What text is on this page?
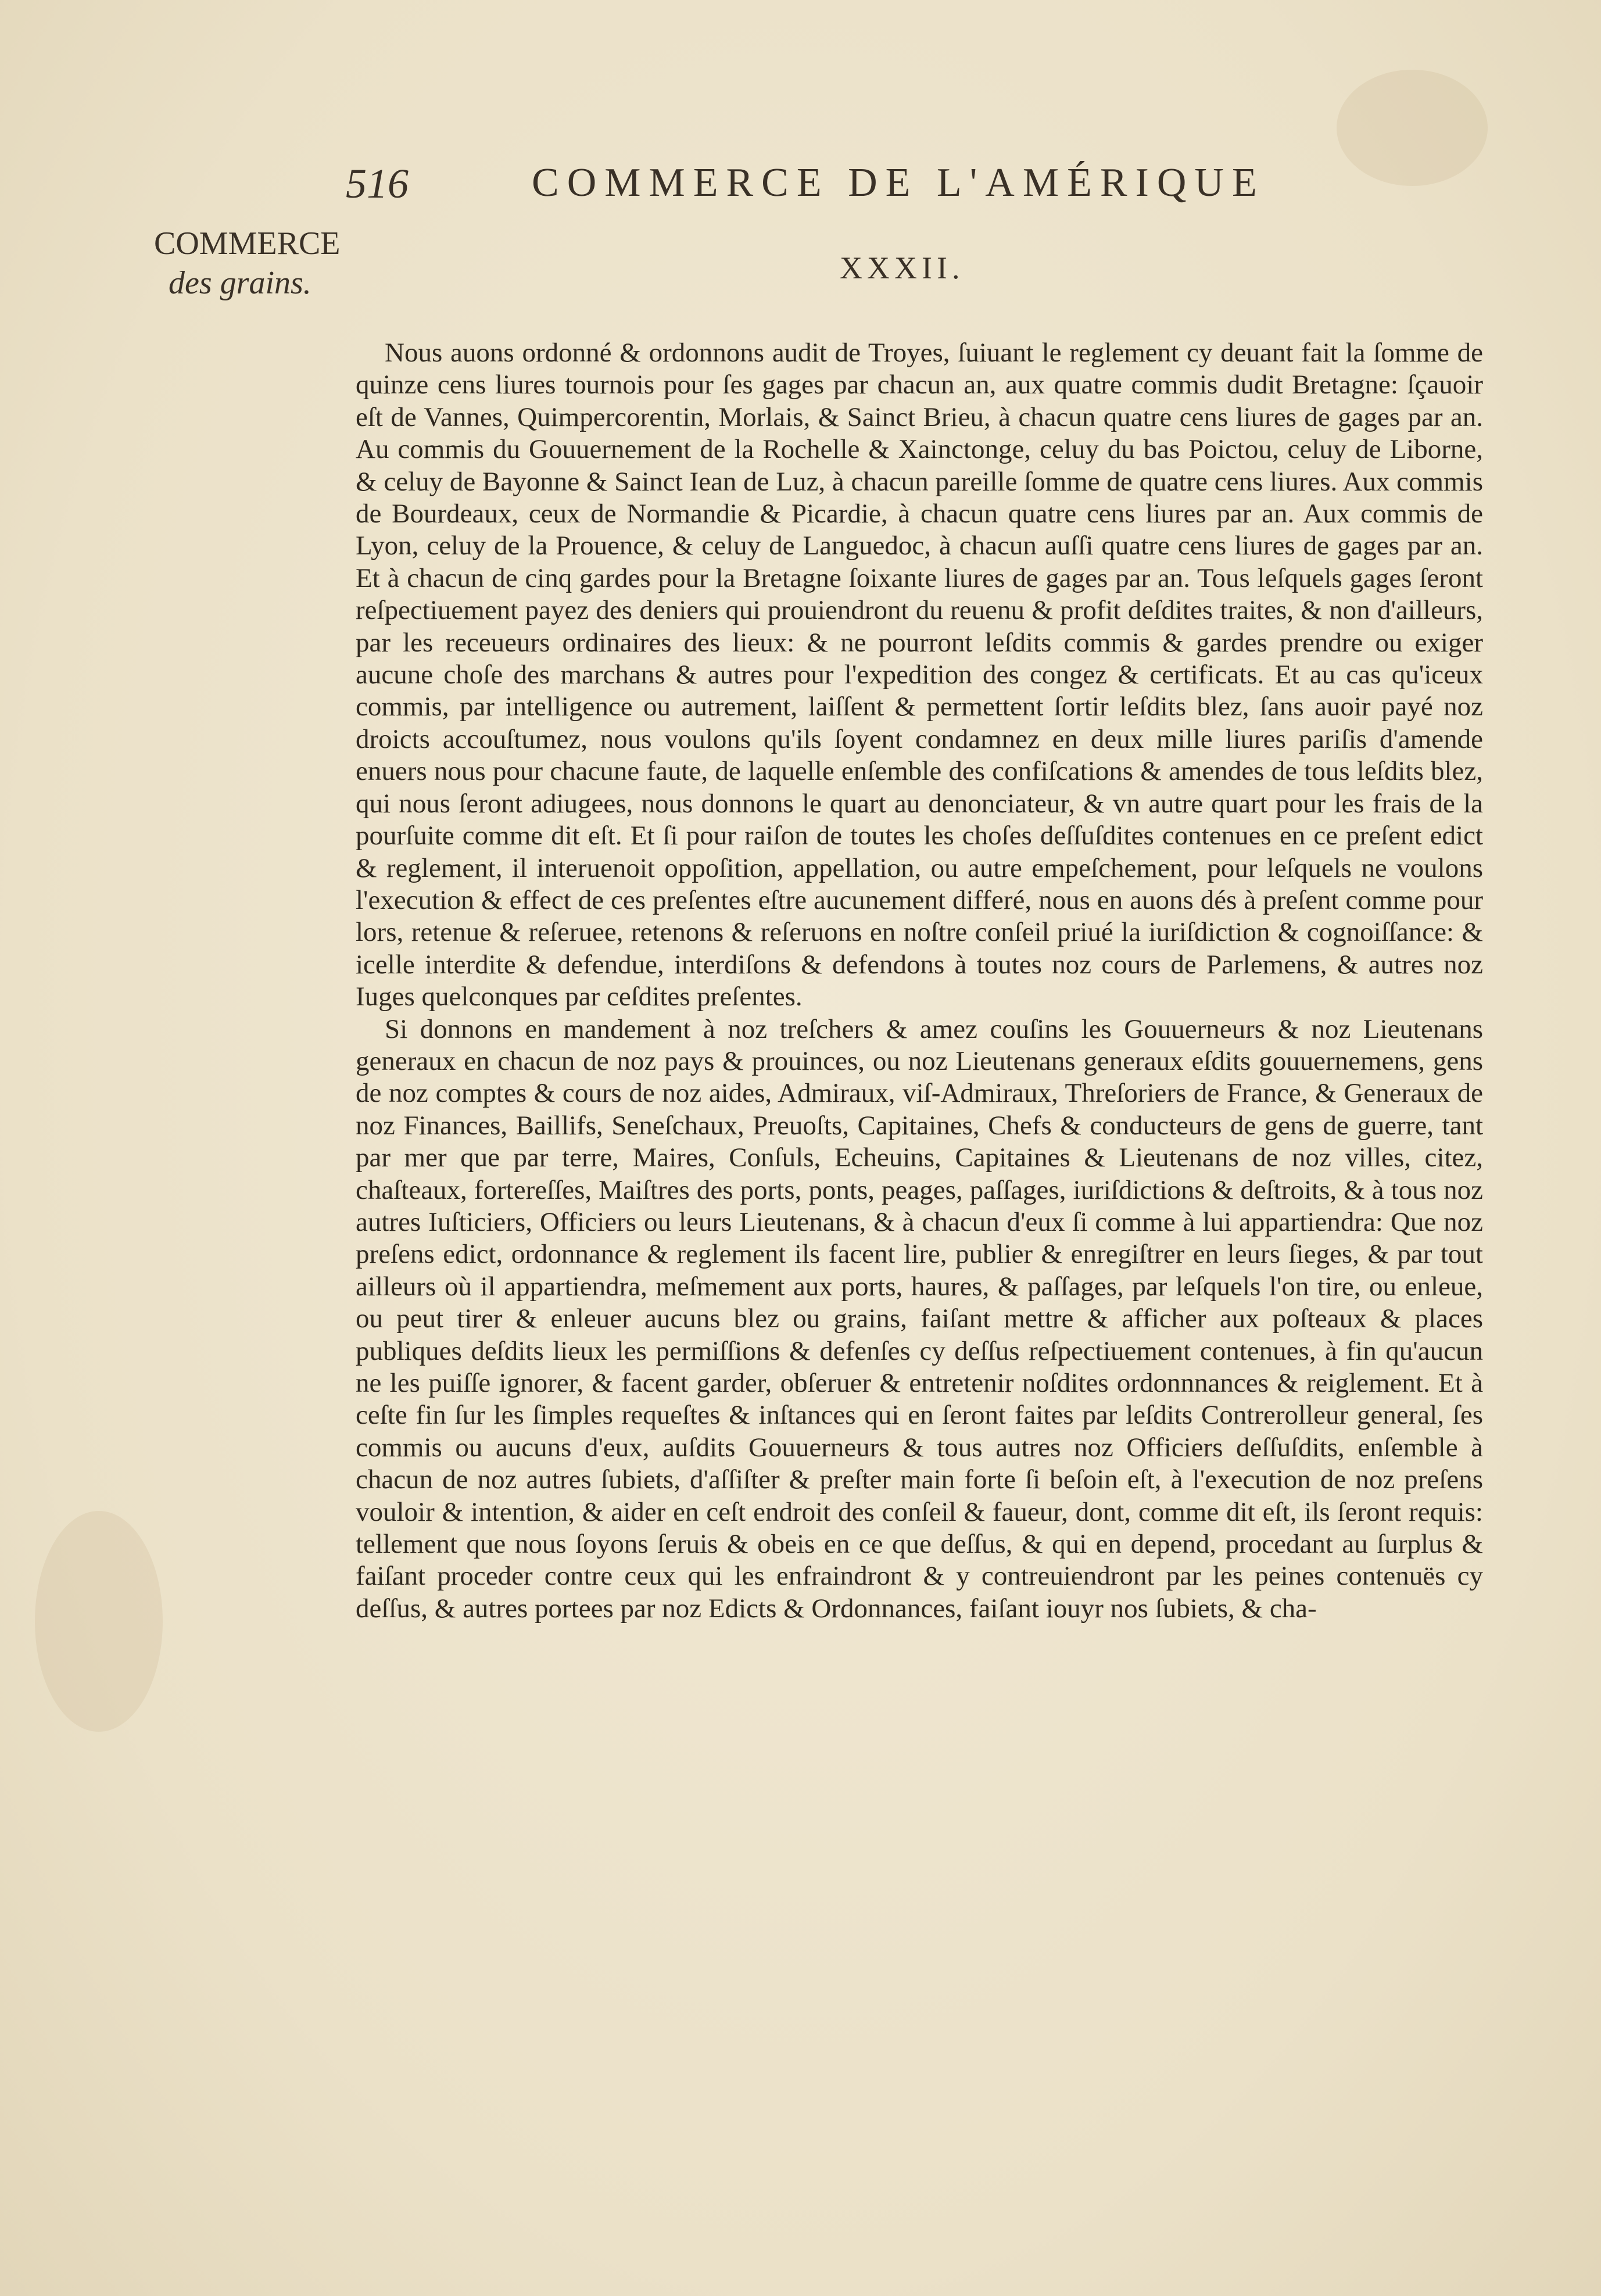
516	COMMERCE DE L'AMÉRIQUE
COMMERCE
des grains.	XXXII.

Nous auons ordonné & ordonnons audit de Troyes, ſuiuant le reglement cy deuant fait la ſomme de quinze cens liures tournois pour ſes gages par chacun an, aux quatre commis dudit Bretagne: ſçauoir eſt de Vannes, Quimpercorentin, Morlais, & Sainct Brieu, à chacun quatre cens liures de gages par an. Au commis du Gouuernement de la Rochelle & Xainctonge, celuy du bas Poictou, celuy de Liborne, & celuy de Bayonne & Sainct Iean de Luz, à chacun pareille ſomme de quatre cens liures. Aux commis de Bourdeaux, ceux de Normandie & Picardie, à chacun quatre cens liures par an. Aux commis de Lyon, celuy de la Prouence, & celuy de Languedoc, à chacun auſſi quatre cens liures de gages par an. Et à chacun de cinq gardes pour la Bretagne ſoixante liures de gages par an. Tous leſquels gages ſeront reſpectiuement payez des deniers qui prouiendront du reuenu & profit deſdites traites, & non d'ailleurs, par les receueurs ordinaires des lieux: & ne pourront leſdits commis & gardes prendre ou exiger aucune choſe des marchans & autres pour l'expedition des congez & certificats. Et au cas qu'iceux commis, par intelligence ou autrement, laiſſent & permettent ſortir leſdits blez, ſans auoir payé noz droicts accouſtumez, nous voulons qu'ils ſoyent condamnez en deux mille liures pariſis d'amende enuers nous pour chacune faute, de laquelle enſemble des confiſcations & amendes de tous leſdits blez, qui nous ſeront adiugees, nous donnons le quart au denonciateur, & vn autre quart pour les frais de la pourſuite comme dit eſt. Et ſi pour raiſon de toutes les choſes deſſuſdites contenues en ce preſent edict & reglement, il interuenoit oppoſition, appellation, ou autre empeſchement, pour leſquels ne voulons l'execution & effect de ces preſentes eſtre aucunement differé, nous en auons dés à preſent comme pour lors, retenue & reſeruee, retenons & reſeruons en noſtre conſeil priué la iuriſdiction & cognoiſſance: & icelle interdite & defendue, interdiſons & defendons à toutes noz cours de Parlemens, & autres noz Iuges quelconques par ceſdites preſentes.

Si donnons en mandement à noz treſchers & amez couſins les Gouuerneurs & noz Lieutenans generaux en chacun de noz pays & prouinces, ou noz Lieutenans generaux eſdits gouuernemens, gens de noz comptes & cours de noz aides, Admiraux, viſ-Admiraux, Threſoriers de France, & Generaux de noz Finances, Baillifs, Seneſchaux, Preuoſts, Capitaines, Chefs & conducteurs de gens de guerre, tant par mer que par terre, Maires, Conſuls, Echeuins, Capitaines & Lieutenans de noz villes, citez, chaſteaux, fortereſſes, Maiſtres des ports, ponts, peages, paſſages, iuriſdictions & deſtroits, & à tous noz autres Iuſticiers, Officiers ou leurs Lieutenans, & à chacun d'eux ſi comme à lui appartiendra: Que noz preſens edict, ordonnance & reglement ils facent lire, publier & enregiſtrer en leurs ſieges, & par tout ailleurs où il appartiendra, meſmement aux ports, haures, & paſſages, par leſquels l'on tire, ou enleue, ou peut tirer & enleuer aucuns blez ou grains, faiſant mettre & afficher aux poſteaux & places publiques deſdits lieux les permiſſions & defenſes cy deſſus reſpectiuement contenues, à fin qu'aucun ne les puiſſe ignorer, & facent garder, obſeruer & entretenir noſdites ordonnnances & reiglement. Et à ceſte fin ſur les ſimples requeſtes & inſtances qui en ſeront faites par leſdits Contrerolleur general, ſes commis ou aucuns d'eux, auſdits Gouuerneurs & tous autres noz Officiers deſſuſdits, enſemble à chacun de noz autres ſubiets, d'aſſiſter & preſter main forte ſi beſoin eſt, à l'execution de noz preſens vouloir & intention, & aider en ceſt endroit des conſeil & faueur, dont, comme dit eſt, ils ſeront requis: tellement que nous ſoyons ſeruis & obeis en ce que deſſus, & qui en depend, procedant au ſurplus & faiſant proceder contre ceux qui les enfraindront & y contreuiendront par les peines contenuës cy deſſus, & autres portees par noz Edicts & Ordonnances, faiſant iouyr nos ſubiets, & cha-
